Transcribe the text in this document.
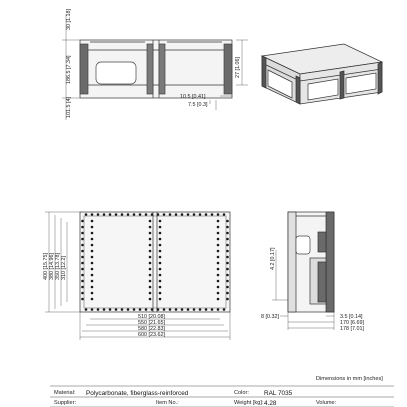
30 [1.18]
186.5 [7.34]
101.5 [4]
27 [1.06]
10.5 [0.41]
7.5 [0.3]
400 [15.75] 380 [14.96] 350 [13.78] 310 [12.2]
510 [20.08]
550 [21.65]
580 [22.83]
600 [23.62]
4.2 [0.17]
8 [0.32]	3.5 [0.14]
170 [6.69]
178 [7.01]
Dimensions in mm [inches]
Material: Polycarbonate, fiberglass-reinforced	Color: RAL 7035
Supplier:	Item No.:	Weight [kg]: 4.28	Volume:
